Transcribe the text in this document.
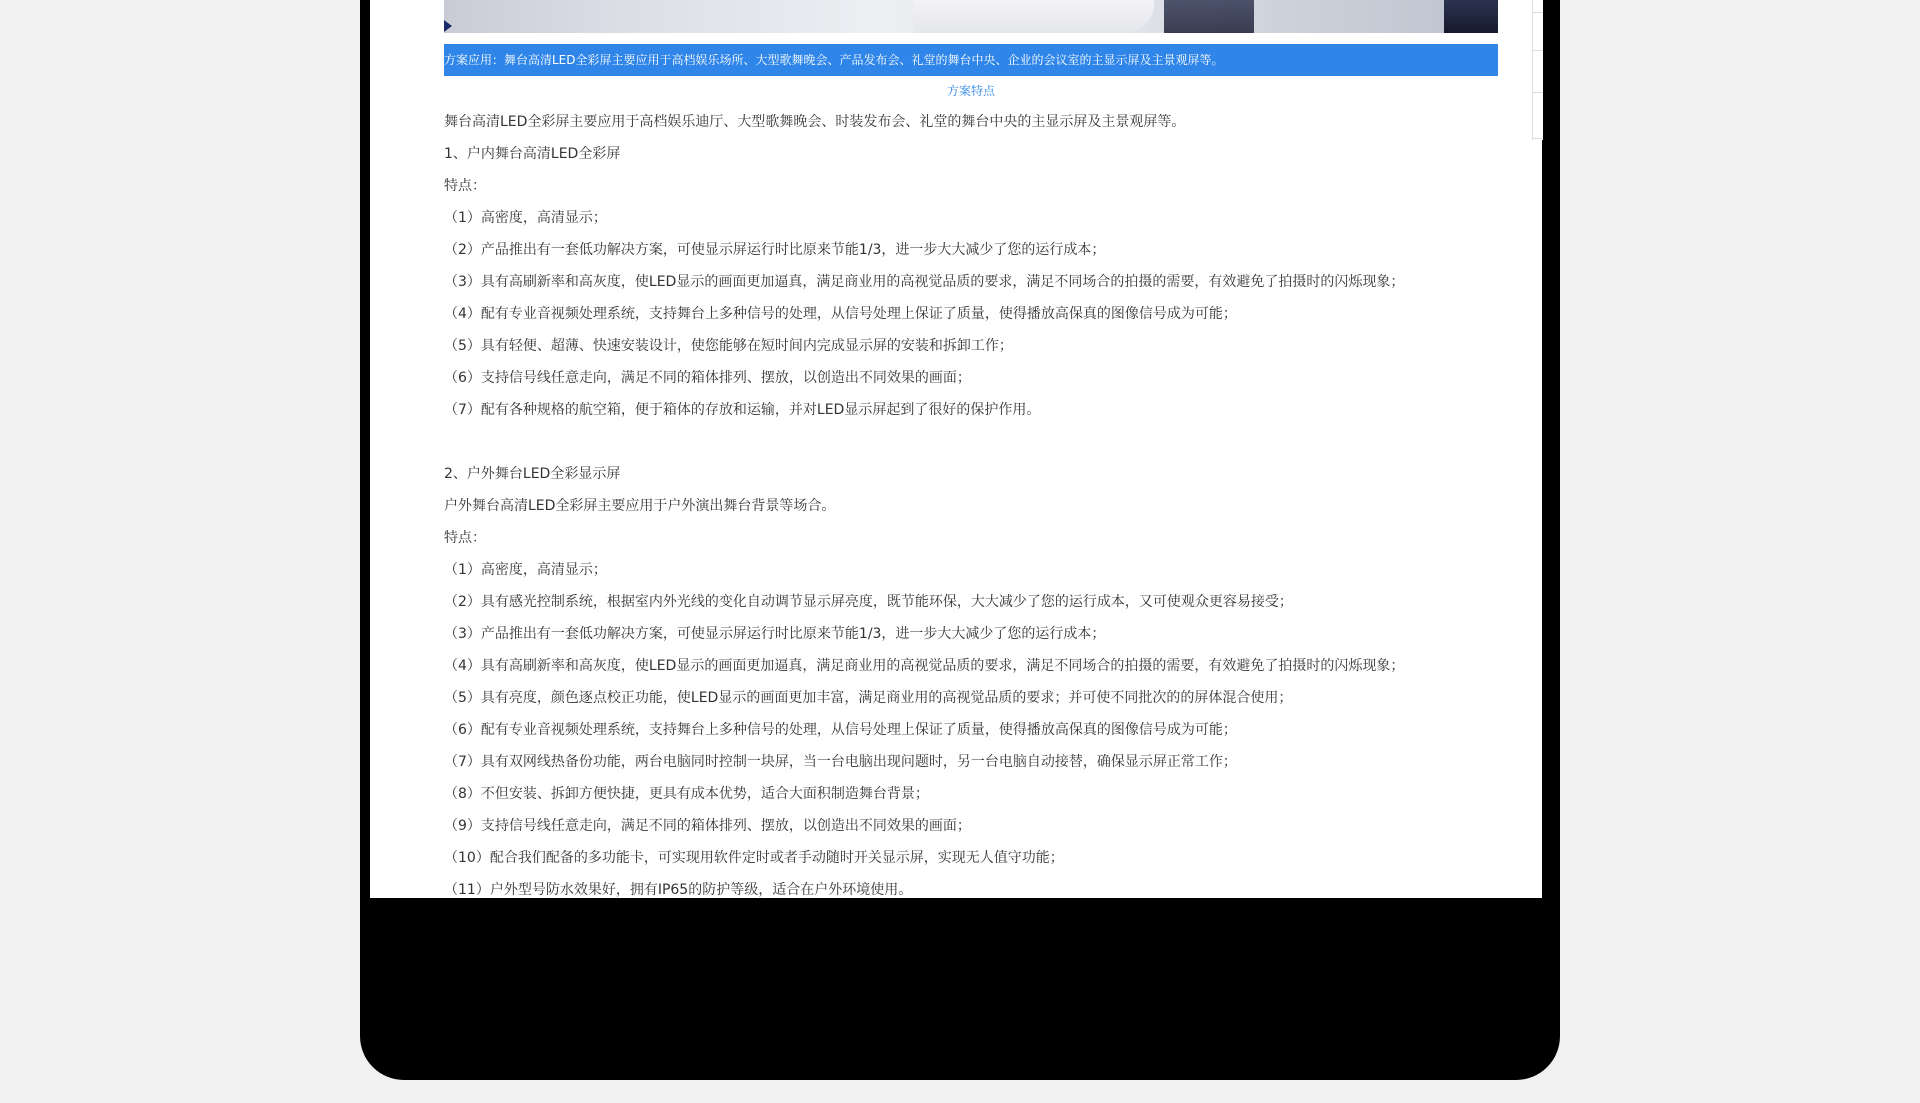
方案应用：舞台高清LED全彩屏主要应用于高档娱乐场所、大型歌舞晚会、产品发布会、礼堂的舞台中央、企业的会议室的主显示屏及主景观屏等。
方案特点
舞台高清LED全彩屏主要应用于高档娱乐迪厅、大型歌舞晚会、时装发布会、礼堂的舞台中央的主显示屏及主景观屏等。
1、户内舞台高清LED全彩屏
特点：
（1）高密度，高清显示；
（2）产品推出有一套低功解决方案，可使显示屏运行时比原来节能1/3，进一步大大减少了您的运行成本；
（3）具有高刷新率和高灰度，使LED显示的画面更加逼真，满足商业用的高视觉品质的要求，满足不同场合的拍摄的需要，有效避免了拍摄时的闪烁现象；
（4）配有专业音视频处理系统，支持舞台上多种信号的处理，从信号处理上保证了质量，使得播放高保真的图像信号成为可能；
（5）具有轻便、超薄、快速安装设计，使您能够在短时间内完成显示屏的安装和拆卸工作；
（6）支持信号线任意走向，满足不同的箱体排列、摆放，以创造出不同效果的画面；
（7）配有各种规格的航空箱，便于箱体的存放和运输，并对LED显示屏起到了很好的保护作用。
2、户外舞台LED全彩显示屏
户外舞台高清LED全彩屏主要应用于户外演出舞台背景等场合。
特点：
（1）高密度，高清显示；
（2）具有感光控制系统，根据室内外光线的变化自动调节显示屏亮度，既节能环保，大大减少了您的运行成本，又可使观众更容易接受；
（3）产品推出有一套低功解决方案，可使显示屏运行时比原来节能1/3，进一步大大减少了您的运行成本；
（4）具有高刷新率和高灰度，使LED显示的画面更加逼真，满足商业用的高视觉品质的要求，满足不同场合的拍摄的需要，有效避免了拍摄时的闪烁现象；
（5）具有亮度，颜色逐点校正功能，使LED显示的画面更加丰富，满足商业用的高视觉品质的要求；并可使不同批次的的屏体混合使用；
（6）配有专业音视频处理系统，支持舞台上多种信号的处理，从信号处理上保证了质量，使得播放高保真的图像信号成为可能；
（7）具有双网线热备份功能，两台电脑同时控制一块屏，当一台电脑出现问题时，另一台电脑自动接替，确保显示屏正常工作；
（8）不但安装、拆卸方便快捷，更具有成本优势，适合大面积制造舞台背景；
（9）支持信号线任意走向，满足不同的箱体排列、摆放，以创造出不同效果的画面；
（10）配合我们配备的多功能卡，可实现用软件定时或者手动随时开关显示屏，实现无人值守功能；
（11）户外型号防水效果好，拥有IP65的防护等级，适合在户外环境使用。
